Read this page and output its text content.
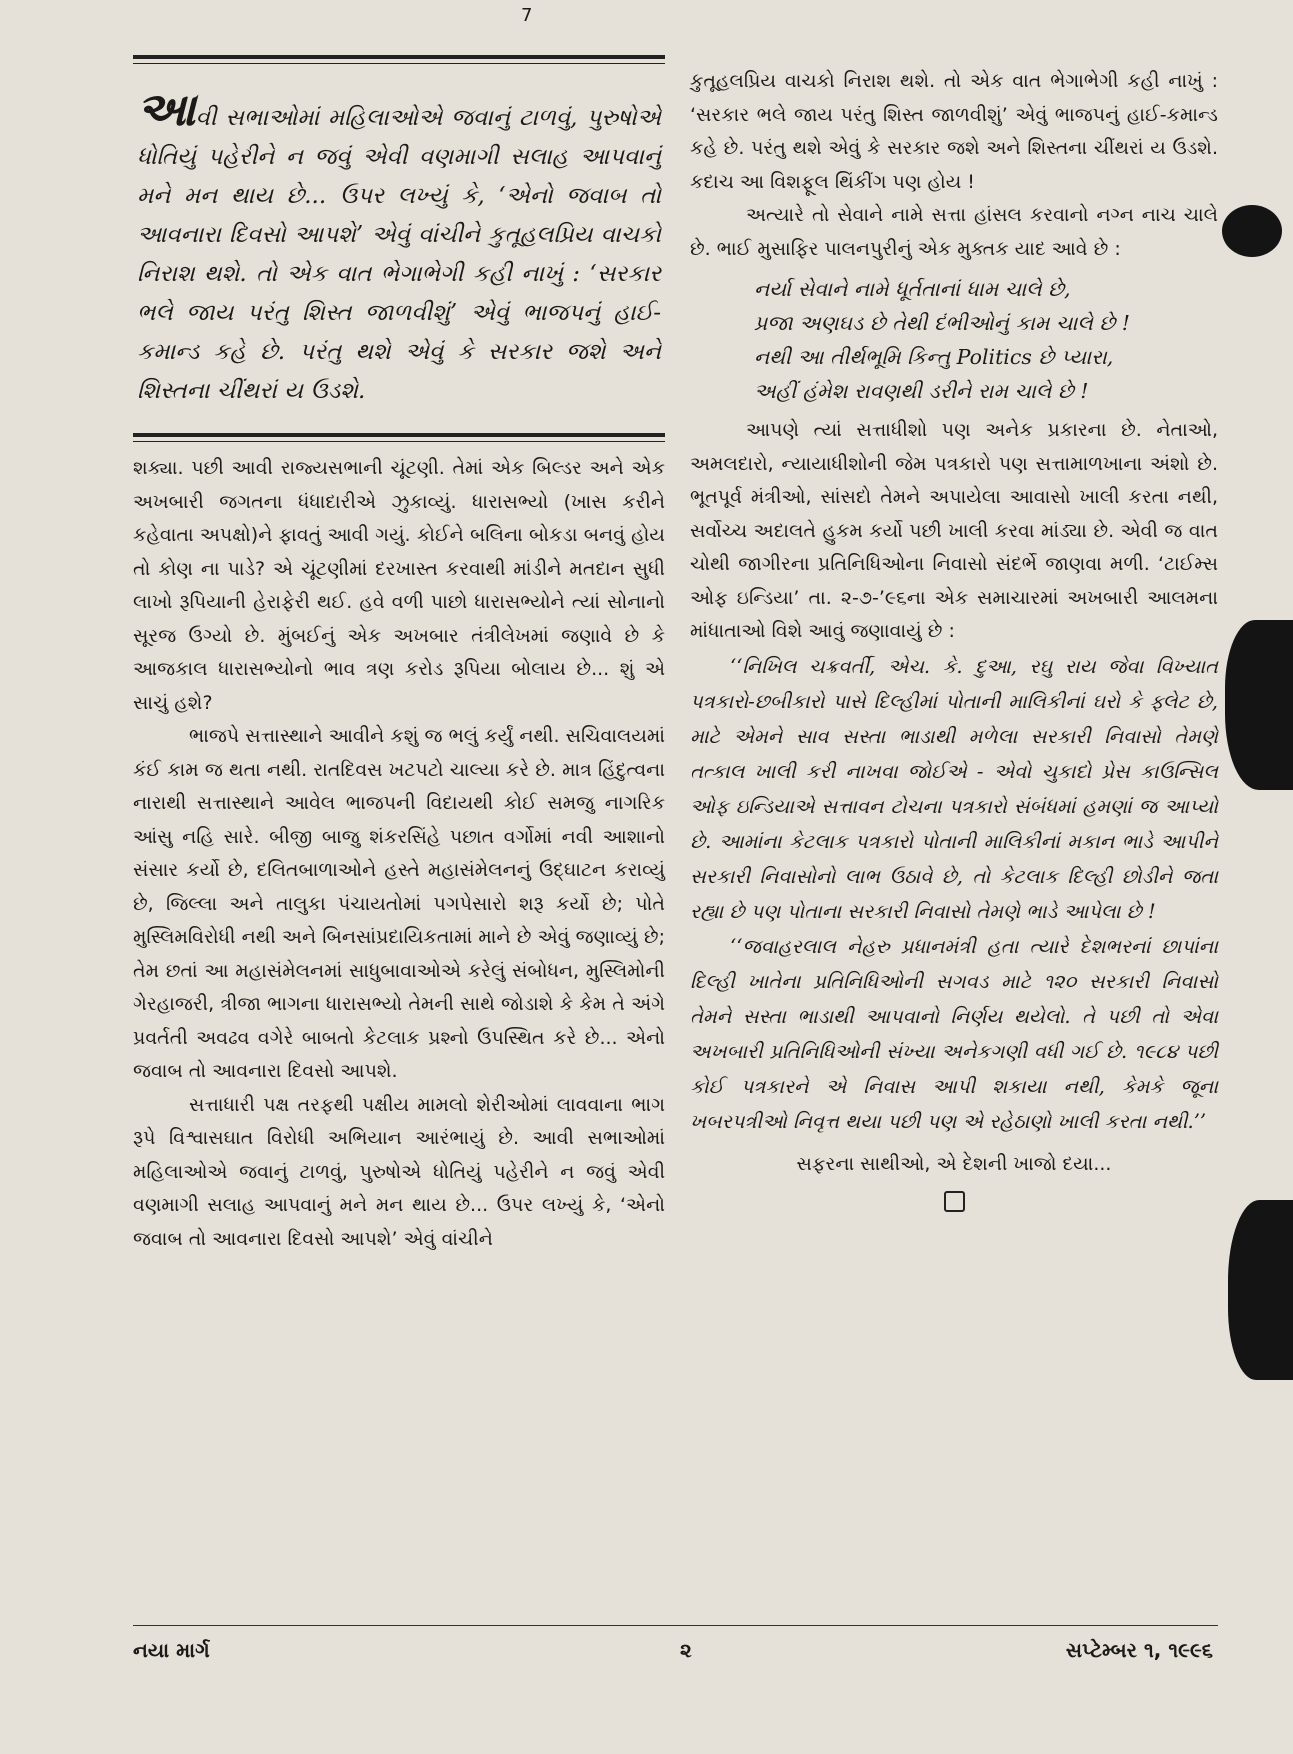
7
આવી સભાઓમાં મહિલાઓએ જવાનું ટાળવું, પુરુષોએ ધોતિયું પહેરીને ન જવું એવી વણમાગી સલાહ આપવાનું મને મન થાય છે... ઉપર લખ્યું કે, ‘એનો જવાબ તો આવનારા દિવસો આપશે’ એવું વાંચીને કુતૂહલપ્રિય વાચકો નિરાશ થશે. તો એક વાત ભેગાભેગી કહી નાખું : ‘સરકાર ભલે જાય પરંતુ શિસ્ત જાળવીશું’ એવું ભાજપનું હાઈ-કમાન્ડ કહે છે. પરંતુ થશે એવું કે સરકાર જશે અને શિસ્તના ચીંથરાં ય ઉડશે.

શક્યા. પછી આવી રાજ્યસભાની ચૂંટણી. તેમાં એક બિલ્ડર અને એક અખબારી જગતના ધંધાદારીએ ઝુકાવ્યું. ધારાસભ્યો (ખાસ કરીને કહેવાતા અપક્ષો)ને ફાવતું આવી ગયું. કોઈને બલિના બોકડા બનવું હોય તો કોણ ના પાડે? એ ચૂંટણીમાં દરખાસ્ત કરવાથી માંડીને મતદાન સુધી લાખો રૂપિયાની હેરાફેરી થઈ. હવે વળી પાછો ધારાસભ્યોને ત્યાં સોનાનો સૂરજ ઉગ્યો છે. મુંબઈનું એક અખબાર તંત્રીલેખમાં જણાવે છે કે આજકાલ ધારાસભ્યોનો ભાવ ત્રણ કરોડ રૂપિયા બોલાય છે... શું એ સાચું હશે?

ભાજપે સત્તાસ્થાને આવીને કશું જ ભલું કર્યું નથી. સચિવાલયમાં કંઈ કામ જ થતા નથી. રાતદિવસ ખટપટો ચાલ્યા કરે છે. માત્ર હિંદુત્વના નારાથી સત્તાસ્થાને આવેલ ભાજપની વિદાયથી કોઈ સમજુ નાગરિક આંસુ નહિ સારે. બીજી બાજુ શંકરસિંહે પછાત વર્ગોમાં નવી આશાનો સંસાર કર્યો છે, દલિતબાળાઓને હસ્તે મહાસંમેલનનું ઉદ્ઘાટન કરાવ્યું છે, જિલ્લા અને તાલુકા પંચાયતોમાં પગપેસારો શરૂ કર્યો છે; પોતે મુસ્લિમવિરોધી નથી અને બિનસાંપ્રદાયિકતામાં માને છે એવું જણાવ્યું છે; તેમ છતાં આ મહાસંમેલનમાં સાધુબાવાઓએ કરેલું સંબોધન, મુસ્લિમોની ગેરહાજરી, ત્રીજા ભાગના ધારાસભ્યો તેમની સાથે જોડાશે કે કેમ તે અંગે પ્રવર્તતી અવઢવ વગેરે બાબતો કેટલાક પ્રશ્નો ઉપસ્થિત કરે છે... એનો જવાબ તો આવનારા દિવસો આપશે.

સત્તાધારી પક્ષ તરફથી પક્ષીય મામલો શેરીઓમાં લાવવાના ભાગ રૂપે વિશ્વાસઘાત વિરોધી અભિયાન આરંભાયું છે. આવી સભાઓમાં મહિલાઓએ જવાનું ટાળવું, પુરુષોએ ધોતિયું પહેરીને ન જવું એવી વણમાગી સલાહ આપવાનું મને મન થાય છે... ઉપર લખ્યું કે, ‘એનો જવાબ તો આવનારા દિવસો આપશે’ એવું વાંચીને

કુતૂહલપ્રિય વાચકો નિરાશ થશે. તો એક વાત ભેગાભેગી કહી નાખું : ‘સરકાર ભલે જાય પરંતુ શિસ્ત જાળવીશું’ એવું ભાજપનું હાઈ-કમાન્ડ કહે છે. પરંતુ થશે એવું કે સરકાર જશે અને શિસ્તના ચીંથરાં ય ઉડશે. કદાચ આ વિશફૂલ થિંકીંગ પણ હોય !

અત્યારે તો સેવાને નામે સત્તા હાંસલ કરવાનો નગ્ન નાચ ચાલે છે. ભાઈ મુસાફિર પાલનપુરીનું એક મુક્તક યાદ આવે છે :

નર્યા સેવાને નામે ધૂર્તતાનાં ધામ ચાલે છે,
પ્રજા અણઘડ છે તેથી દંભીઓનું કામ ચાલે છે !
નથી આ તીર્થભૂમિ કિન્તુ Politics છે પ્યારા,
અહીં હંમેશ રાવણથી ડરીને રામ ચાલે છે !

આપણે ત્યાં સત્તાધીશો પણ અનેક પ્રકારના છે. નેતાઓ, અમલદારો, ન્યાયાધીશોની જેમ પત્રકારો પણ સત્તામાળખાના અંશો છે. ભૂતપૂર્વ મંત્રીઓ, સાંસદો તેમને અપાયેલા આવાસો ખાલી કરતા નથી, સર્વોચ્ચ અદાલતે હુકમ કર્યો પછી ખાલી કરવા માંડ્યા છે. એવી જ વાત ચોથી જાગીરના પ્રતિનિધિઓના નિવાસો સંદર્ભે જાણવા મળી. ‘ટાઈમ્સ ઓફ ઇન્ડિયા’ તા. ૨-૭-’૯૬ના એક સમાચારમાં અખબારી આલમના માંધાતાઓ વિશે આવું જણાવાયું છે :

‘‘નિખિલ ચક્રવર્તી, એચ. કે. દુઆ, રઘુ રાય જેવા વિખ્યાત પત્રકારો-છબીકારો પાસે દિલ્હીમાં પોતાની માલિકીનાં ઘરો કે ફ્લેટ છે, માટે એમને સાવ સસ્તા ભાડાથી મળેલા સરકારી નિવાસો તેમણે તત્કાલ ખાલી કરી નાખવા જોઈએ - એવો ચુકાદો પ્રેસ કાઉન્સિલ ઓફ ઇન્ડિયાએ સત્તાવન ટોચના પત્રકારો સંબંધમાં હમણાં જ આપ્યો છે. આમાંના કેટલાક પત્રકારો પોતાની માલિકીનાં મકાન ભાડે આપીને સરકારી નિવાસોનો લાભ ઉઠાવે છે, તો કેટલાક દિલ્હી છોડીને જતા રહ્યા છે પણ પોતાના સરકારી નિવાસો તેમણે ભાડે આપેલા છે !

‘‘જવાહરલાલ નેહરુ પ્રધાનમંત્રી હતા ત્યારે દેશભરનાં છાપાંના દિલ્હી ખાતેના પ્રતિનિધિઓની સગવડ માટે ૧૨૦ સરકારી નિવાસો તેમને સસ્તા ભાડાથી આપવાનો નિર્ણય થયેલો. તે પછી તો એવા અખબારી પ્રતિનિધિઓની સંખ્યા અનેકગણી વધી ગઈ છે. ૧૯૮૪ પછી કોઈ પત્રકારને એ નિવાસ આપી શકાયા નથી, કેમકે જૂના ખબરપત્રીઓ નિવૃત્ત થયા પછી પણ એ રહેઠાણો ખાલી કરતા નથી.’’

સફરના સાથીઓ, એ દેશની ખાજો દયા...
નયા માર્ગ	૨	સપ્ટેમ્બર ૧, ૧૯૯૬
